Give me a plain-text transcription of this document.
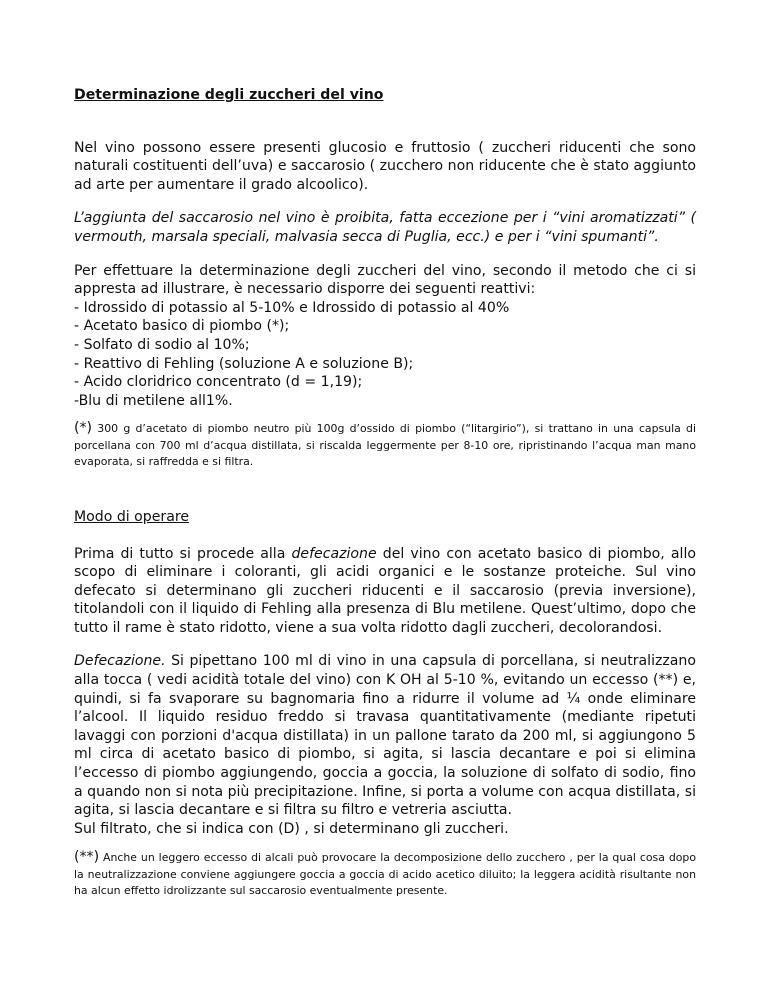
Determinazione degli zuccheri del vino

Nel vino possono essere presenti glucosio e fruttosio ( zuccheri riducenti che sono naturali costituenti dell’uva) e saccarosio ( zucchero non riducente che è stato aggiunto ad arte per aumentare il grado alcoolico).

L’aggiunta del saccarosio nel vino è proibita, fatta eccezione per i “vini aromatizzati” ( vermouth, marsala speciali, malvasia secca di Puglia, ecc.) e per i “vini spumanti”.

Per effettuare la determinazione degli zuccheri del vino, secondo il metodo che ci si appresta ad illustrare, è necessario disporre dei seguenti reattivi:

- Idrossido di potassio al 5-10% e Idrossido di potassio al 40%
- Acetato basico di piombo (*);
- Solfato di sodio al 10%;
- Reattivo di Fehling (soluzione A e soluzione B);
- Acido cloridrico concentrato (d = 1,19);
-Blu di metilene all1%.

(*) 300 g d’acetato di piombo neutro più 100g d’ossido di piombo (“litargirio”), si trattano in una capsula di porcellana con 700 ml d’acqua distillata, si riscalda leggermente per 8-10 ore, ripristinando l’acqua man mano evaporata, si raffredda e si filtra.

Modo di operare

Prima di tutto si procede alla defecazione del vino con acetato basico di piombo, allo scopo di eliminare i coloranti, gli acidi organici e le sostanze proteiche. Sul vino defecato si determinano gli zuccheri riducenti e il saccarosio (previa inversione), titolandoli con il liquido di Fehling alla presenza di Blu metilene. Quest’ultimo, dopo che tutto il rame è stato ridotto, viene a sua volta ridotto dagli zuccheri, decolorandosi.

Defecazione. Si pipettano 100 ml di vino in una capsula di porcellana, si neutralizzano alla tocca ( vedi acidità totale del vino) con K OH al 5-10 %, evitando un eccesso (**) e, quindi, si fa svaporare su bagnomaria fino a ridurre il volume ad ¼ onde eliminare l’alcool. Il liquido residuo freddo si travasa quantitativamente (mediante ripetuti lavaggi con porzioni d'acqua distillata) in un pallone tarato da 200 ml, si aggiungono 5 ml circa di acetato basico di piombo, si agita, si lascia decantare e poi si elimina l’eccesso di piombo aggiungendo, goccia a goccia, la soluzione di solfato di sodio, fino a quando non si nota più precipitazione. Infine, si porta a volume con acqua distillata, si agita, si lascia decantare e si filtra su filtro e vetreria asciutta.

Sul filtrato, che si indica con (D) , si determinano gli zuccheri.

(**) Anche un leggero eccesso di alcali può provocare la decomposizione dello zucchero , per la qual cosa dopo la neutralizzazione conviene aggiungere goccia a goccia di acido acetico diluito; la leggera acidità risultante non ha alcun effetto idrolizzante sul saccarosio eventualmente presente.
